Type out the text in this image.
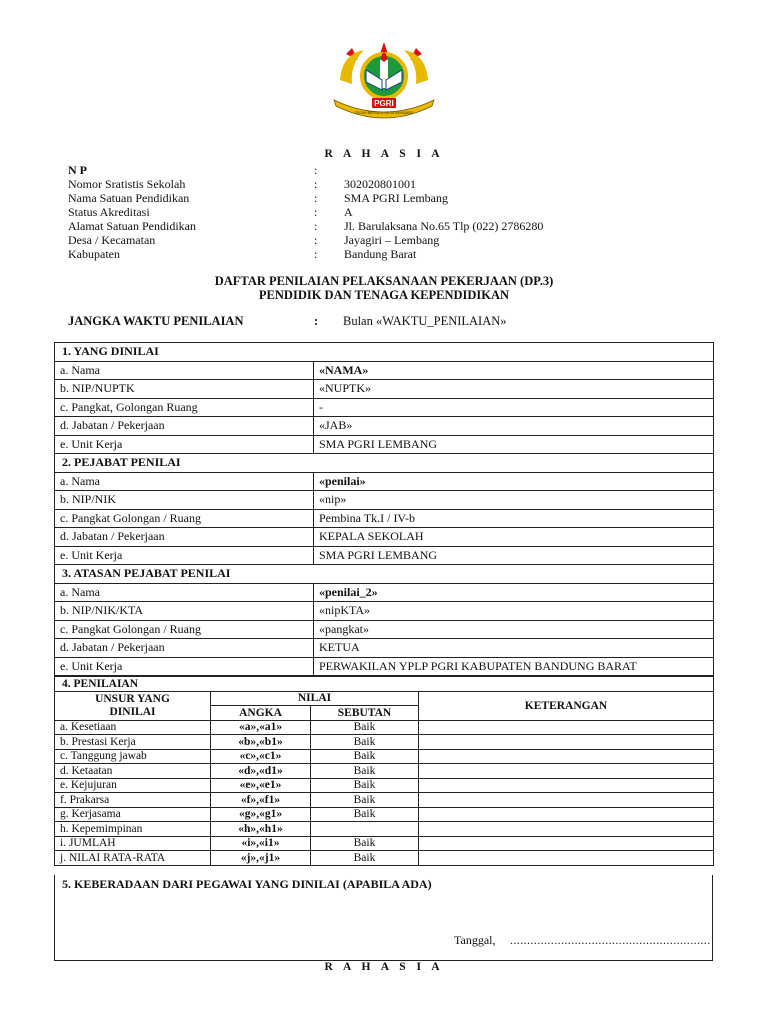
PGRI
TEGUH BERSATU SETIA MENGABDI
R A H A S I A
N P	:
Nomor Sratistis Sekolah	: 302020801001
Nama Satuan Pendidikan	: SMA PGRI Lembang
Status Akreditasi	: A
Alamat Satuan Pendidikan	: Jl. Barulaksana No.65 Tlp (022) 2786280
Desa / Kecamatan	: Jayagiri – Lembang
Kabupaten	: Bandung Barat
DAFTAR PENILAIAN PELAKSANAAN PEKERJAAN (DP.3)
PENDIDIK DAN TENAGA KEPENDIDIKAN
JANGKA WAKTU PENILAIAN	: Bulan «WAKTU_PENILAIAN»
1. YANG DINILAI	
a. Nama	«NAMA»
b. NIP/NUPTK	«NUPTK»
c. Pangkat, Golongan Ruang	-
d. Jabatan / Pekerjaan	«JAB»
e. Unit Kerja	SMA PGRI LEMBANG
2. PEJABAT PENILAI	
a. Nama	«penilai»
b. NIP/NIK	«nip»
c. Pangkat Golongan / Ruang	Pembina Tk.I / IV-b
d. Jabatan / Pekerjaan	KEPALA SEKOLAH
e. Unit Kerja	SMA PGRI LEMBANG
3. ATASAN PEJABAT PENILAI	
a. Nama	«penilai_2»
b. NIP/NIK/KTA	«nipKTA»
c. Pangkat Golongan / Ruang	«pangkat»
d. Jabatan / Pekerjaan	KETUA
e. Unit Kerja	PERWAKILAN YPLP PGRI KABUPATEN BANDUNG BARAT
4. PENILAIAN			
UNSUR YANG DINILAI	NILAI		KETERANGAN
	ANGKA	SEBUTAN	
a. Kesetiaan	«a»,«a1»	Baik	
b. Prestasi Kerja	«b»,«b1»	Baik	
c. Tanggung jawab	«c»,«c1»	Baik	
d. Ketaatan	«d»,«d1»	Baik	
e. Kejujuran	«e»,«e1»	Baik	
f. Prakarsa	«f»,«f1»	Baik	
g. Kerjasama	«g»,«g1»	Baik	
h. Kepemimpinan	«h»,«h1»		
i. JUMLAH	«i»,«i1»	Baik	
j. NILAI RATA-RATA	«j»,«j1»	Baik	
5. KEBERADAAN DARI PEGAWAI YANG DINILAI (APABILA ADA)
Tanggal, ...........................................................
R A H A S I A
